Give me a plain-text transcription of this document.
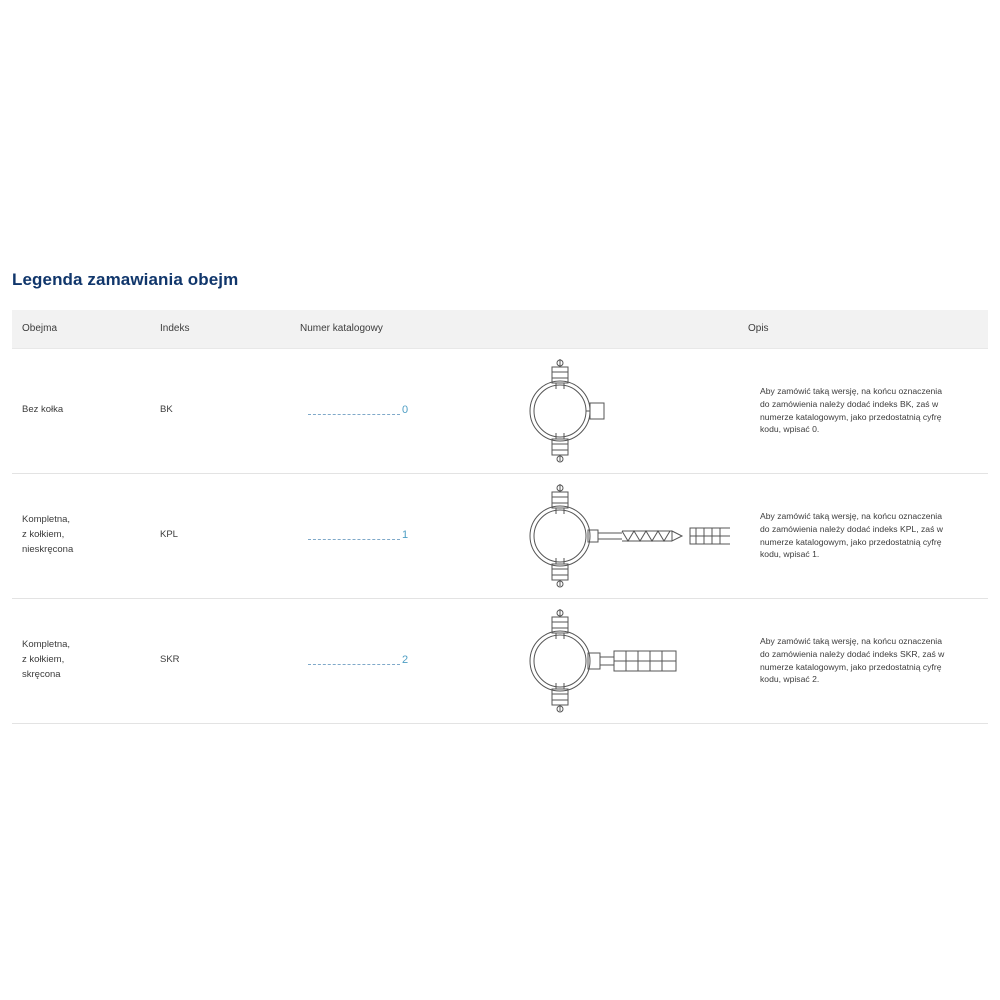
Legenda zamawiania obejm
Obejma	Indeks	Numer katalogowy		Opis

Bez kołka	BK	0		Aby zamówić taką wersję, na końcu oznaczenia do zamówienia należy dodać indeks BK, zaś w numerze katalogowym, jako przedostatnią cyfrę kodu, wpisać 0.

Kompletna,
z kołkiem,
nieskręcona	KPL	1		Aby zamówić taką wersję, na końcu oznaczenia do zamówienia należy dodać indeks KPL, zaś w numerze katalogowym, jako przedostatnią cyfrę kodu, wpisać 1.

Kompletna,
z kołkiem,
skręcona	SKR	2		Aby zamówić taką wersję, na końcu oznaczenia do zamówienia należy dodać indeks SKR, zaś w numerze katalogowym, jako przedostatnią cyfrę kodu, wpisać 2.
